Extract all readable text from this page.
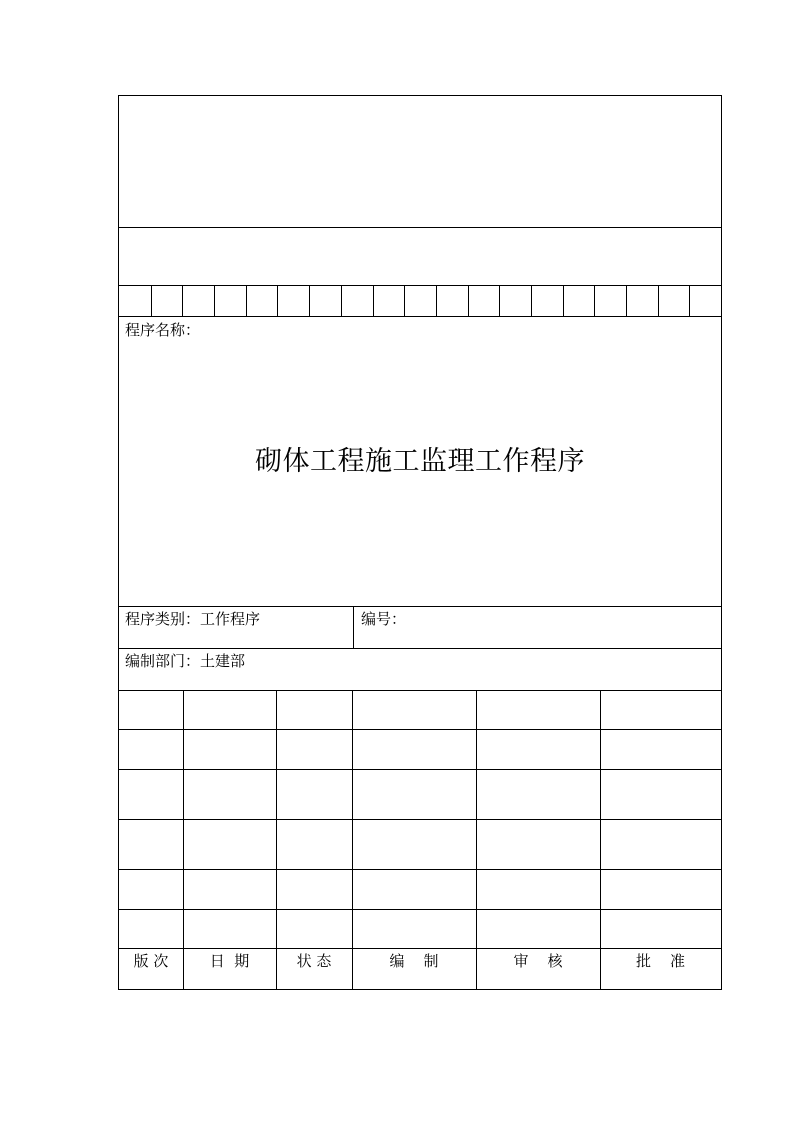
程序名称：
砌体工程施工监理工作程序
程序类别：工作程序	编号：
编制部门：土建部
版 次	日  期	状 态	编    制	审    核	批    准
